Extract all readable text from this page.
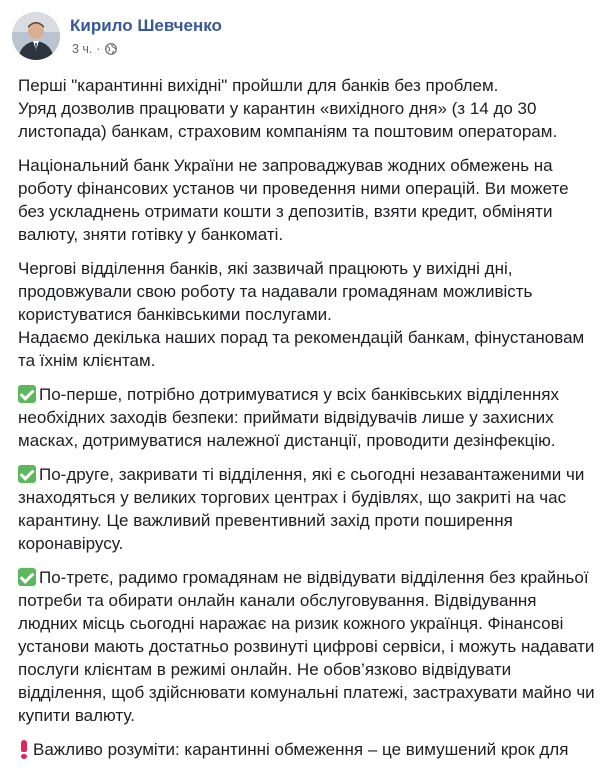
Кирило Шевченко
3 ч. ·

Перші "карантинні вихідні" пройшли для банків без проблем.
Уряд дозволив працювати у карантин «вихідного дня» (з 14 до 30
листопада) банкам, страховим компаніям та поштовим операторам.

Національний банк України не запроваджував жодних обмежень на
роботу фінансових установ чи проведення ними операцій. Ви можете
без ускладнень отримати кошти з депозитів, взяти кредит, обміняти
валюту, зняти готівку у банкоматі.

Чергові відділення банків, які зазвичай працюють у вихідні дні,
продовжували свою роботу та надавали громадянам можливість
користуватися банківськими послугами.
Надаємо декілька наших порад та рекомендацій банкам, фінустановам
та їхнім клієнтам.

По-перше, потрібно дотримуватися у всіх банківських відділеннях
необхідних заходів безпеки: приймати відвідувачів лише у захисних
масках, дотримуватися належної дистанції, проводити дезінфекцію.

По-друге, закривати ті відділення, які є сьогодні незавантаженими чи
знаходяться у великих торгових центрах і будівлях, що закриті на час
карантину. Це важливий превентивний захід проти поширення
коронавірусу.

По-третє, радимо громадянам не відвідувати відділення без крайньої
потреби та обирати онлайн канали обслуговування. Відвідування
людних місць сьогодні наражає на ризик кожного українця. Фінансові
установи мають достатньо розвинуті цифрові сервіси, і можуть надавати
послуги клієнтам в режимі онлайн. Не обов’язково відвідувати
відділення, щоб здійснювати комунальні платежі, застрахувати майно чи
купити валюту.

Важливо розуміти: карантинні обмеження – це вимушений крок для
